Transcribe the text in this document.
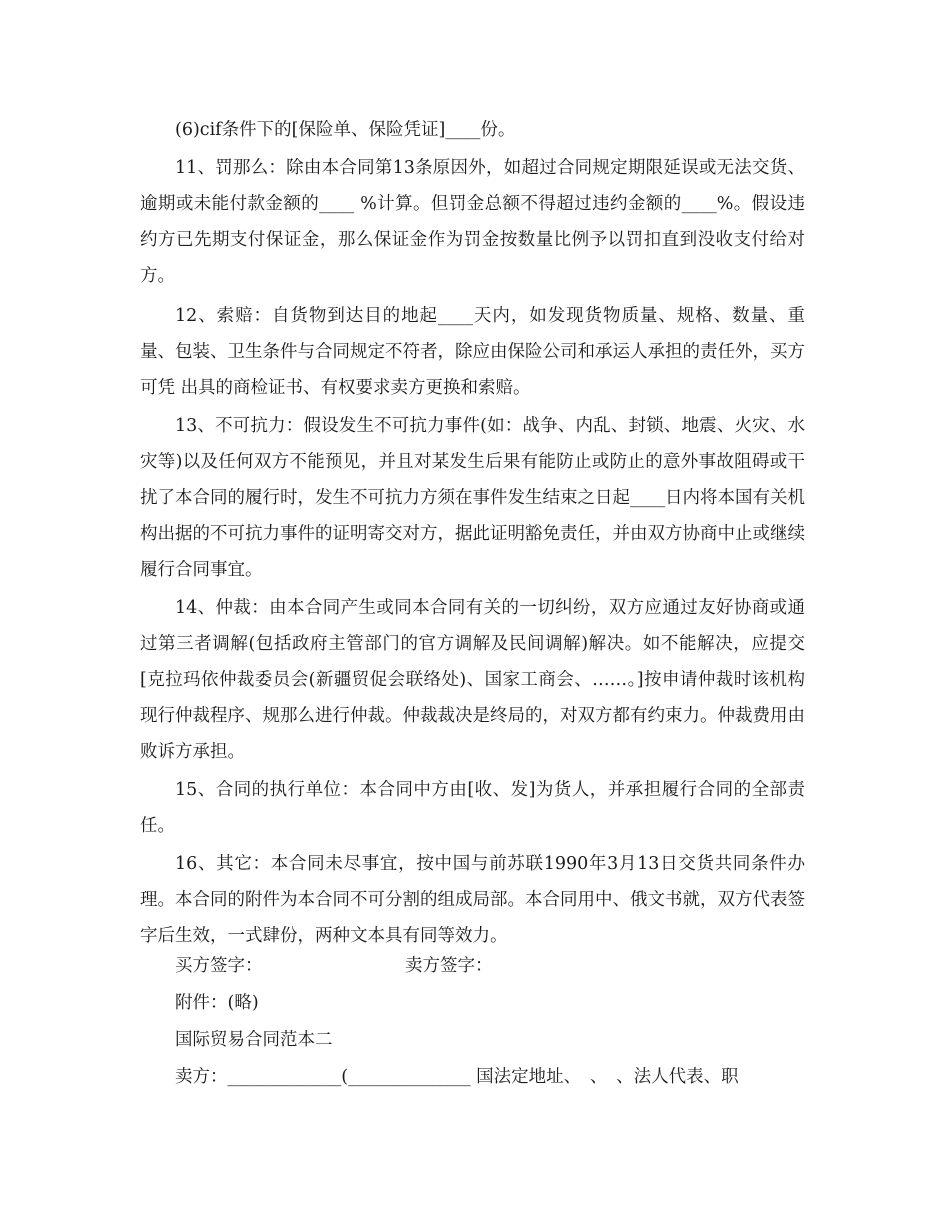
(6)cif条件下的[保险单、保险凭证]____份。

11、罚那么：除由本合同第13条原因外，如超过合同规定期限延误或无法交货、逾期或未能付款金额的____ %计算。但罚金总额不得超过违约金额的____%。假设违约方已先期支付保证金，那么保证金作为罚金按数量比例予以罚扣直到没收支付给对方。

12、索赔：自货物到达目的地起____天内，如发现货物质量、规格、数量、重量、包装、卫生条件与合同规定不符者，除应由保险公司和承运人承担的责任外，买方可凭 出具的商检证书、有权要求卖方更换和索赔。

13、不可抗力：假设发生不可抗力事件(如：战争、内乱、封锁、地震、火灾、水灾等)以及任何双方不能预见，并且对某发生后果有能防止或防止的意外事故阻碍或干扰了本合同的履行时，发生不可抗力方须在事件发生结束之日起____日内将本国有关机构出据的不可抗力事件的证明寄交对方，据此证明豁免责任，并由双方协商中止或继续履行合同事宜。

14、仲裁：由本合同产生或同本合同有关的一切纠纷，双方应通过友好协商或通过第三者调解(包括政府主管部门的官方调解及民间调解)解决。如不能解决，应提交[克拉玛依仲裁委员会(新疆贸促会联络处)、国家工商会、……。]按申请仲裁时该机构现行仲裁程序、规那么进行仲裁。仲裁裁决是终局的，对双方都有约束力。仲裁费用由败诉方承担。

15、合同的执行单位：本合同中方由[收、发]为货人，并承担履行合同的全部责任。

16、其它：本合同未尽事宜，按中国与前苏联1990年3月13日交货共同条件办理。本合同的附件为本合同不可分割的组成局部。本合同用中、俄文书就，双方代表签字后生效，一式肆份，两种文本具有同等效力。

买方签字：	卖方签字：

附件：(略)

国际贸易合同范本二

卖方：_____________(______________ 国法定地址、　、　、法人代表、职
